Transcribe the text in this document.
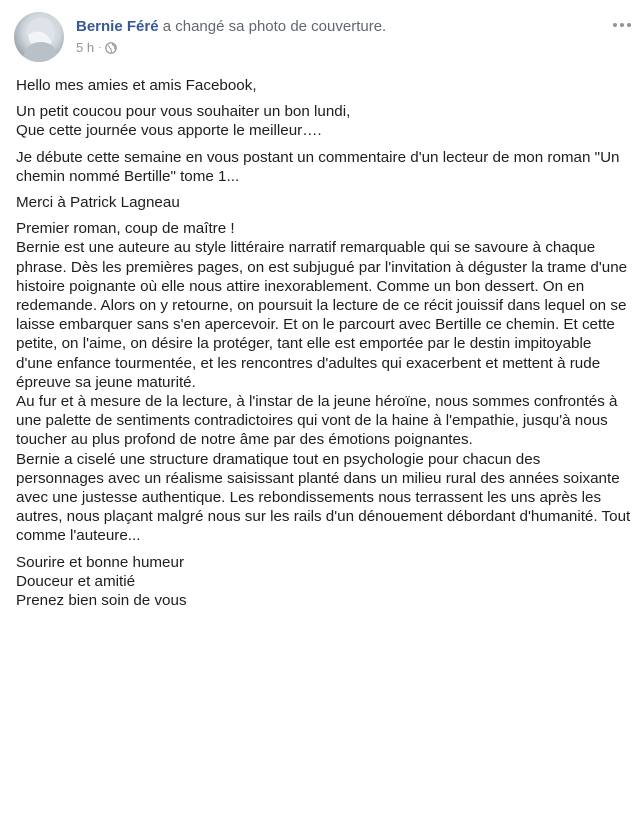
Bernie Féré a changé sa photo de couverture.
5 h ·

Hello mes amies et amis Facebook,

Un petit coucou pour vous souhaiter un bon lundi,
Que cette journée vous apporte le meilleur….

Je débute cette semaine en vous postant un commentaire d'un lecteur de mon roman "Un chemin nommé Bertille" tome 1...

Merci à Patrick Lagneau

Premier roman, coup de maître !
Bernie est une auteure au style littéraire narratif remarquable qui se savoure à chaque phrase. Dès les premières pages, on est subjugué par l'invitation à déguster la trame d'une histoire poignante où elle nous attire inexorablement. Comme un bon dessert. On en redemande. Alors on y retourne, on poursuit la lecture de ce récit jouissif dans lequel on se laisse embarquer sans s'en apercevoir. Et on le parcourt avec Bertille ce chemin. Et cette petite, on l'aime, on désire la protéger, tant elle est emportée par le destin impitoyable d'une enfance tourmentée, et les rencontres d'adultes qui exacerbent et mettent à rude épreuve sa jeune maturité.
Au fur et à mesure de la lecture, à l'instar de la jeune héroïne, nous sommes confrontés à une palette de sentiments contradictoires qui vont de la haine à l'empathie, jusqu'à nous toucher au plus profond de notre âme par des émotions poignantes.
Bernie a ciselé une structure dramatique tout en psychologie pour chacun des personnages avec un réalisme saisissant planté dans un milieu rural des années soixante avec une justesse authentique. Les rebondissements nous terrassent les uns après les autres, nous plaçant malgré nous sur les rails d'un dénouement débordant d'humanité. Tout comme l'auteure...

Sourire et bonne humeur
Douceur et amitié
Prenez bien soin de vous
